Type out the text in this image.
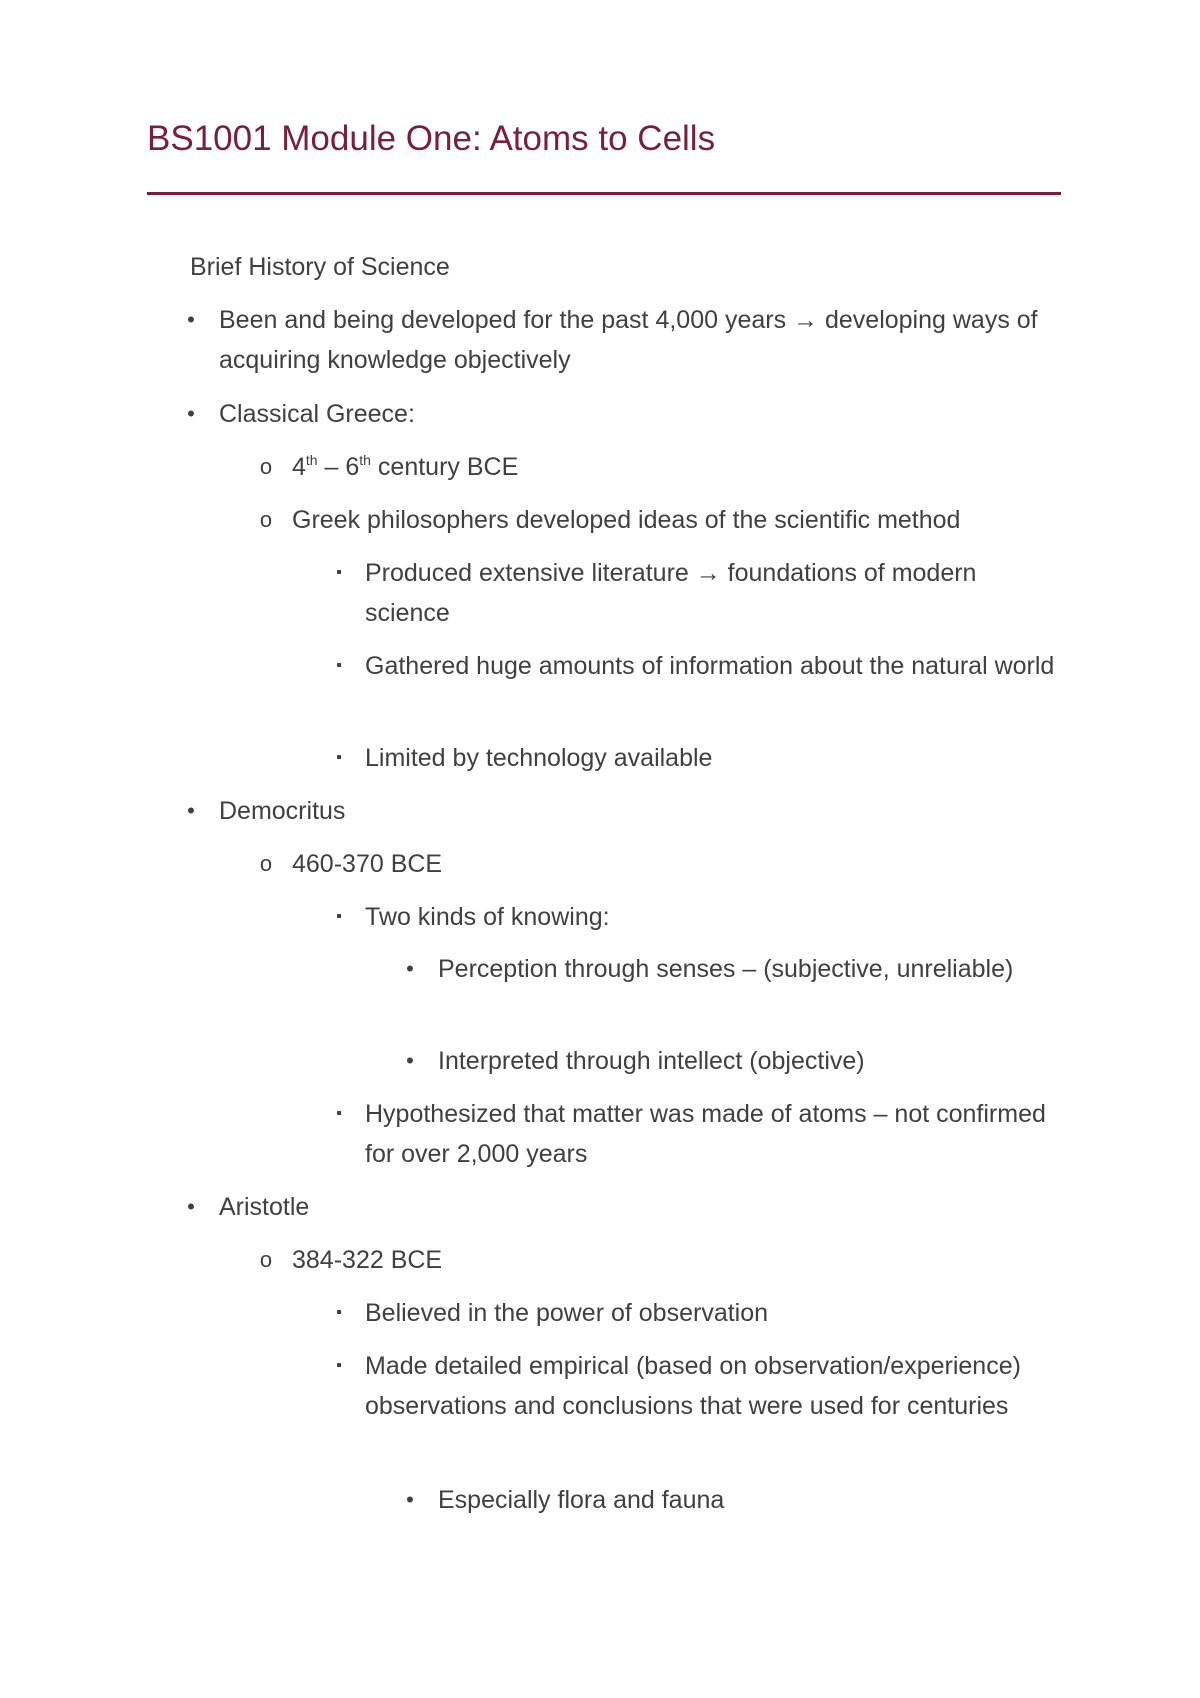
BS1001 Module One: Atoms to Cells
Brief History of Science
• Been and being developed for the past 4,000 years → developing ways of acquiring knowledge objectively
• Classical Greece:
o 4th – 6th century BCE
o Greek philosophers developed ideas of the scientific method
▪ Produced extensive literature → foundations of modern science
▪ Gathered huge amounts of information about the natural world
▪ Limited by technology available
• Democritus
o 460-370 BCE
▪ Two kinds of knowing:
• Perception through senses – (subjective, unreliable)
• Interpreted through intellect (objective)
▪ Hypothesized that matter was made of atoms – not confirmed for over 2,000 years
• Aristotle
o 384-322 BCE
▪ Believed in the power of observation
▪ Made detailed empirical (based on observation/experience) observations and conclusions that were used for centuries
• Especially flora and fauna
